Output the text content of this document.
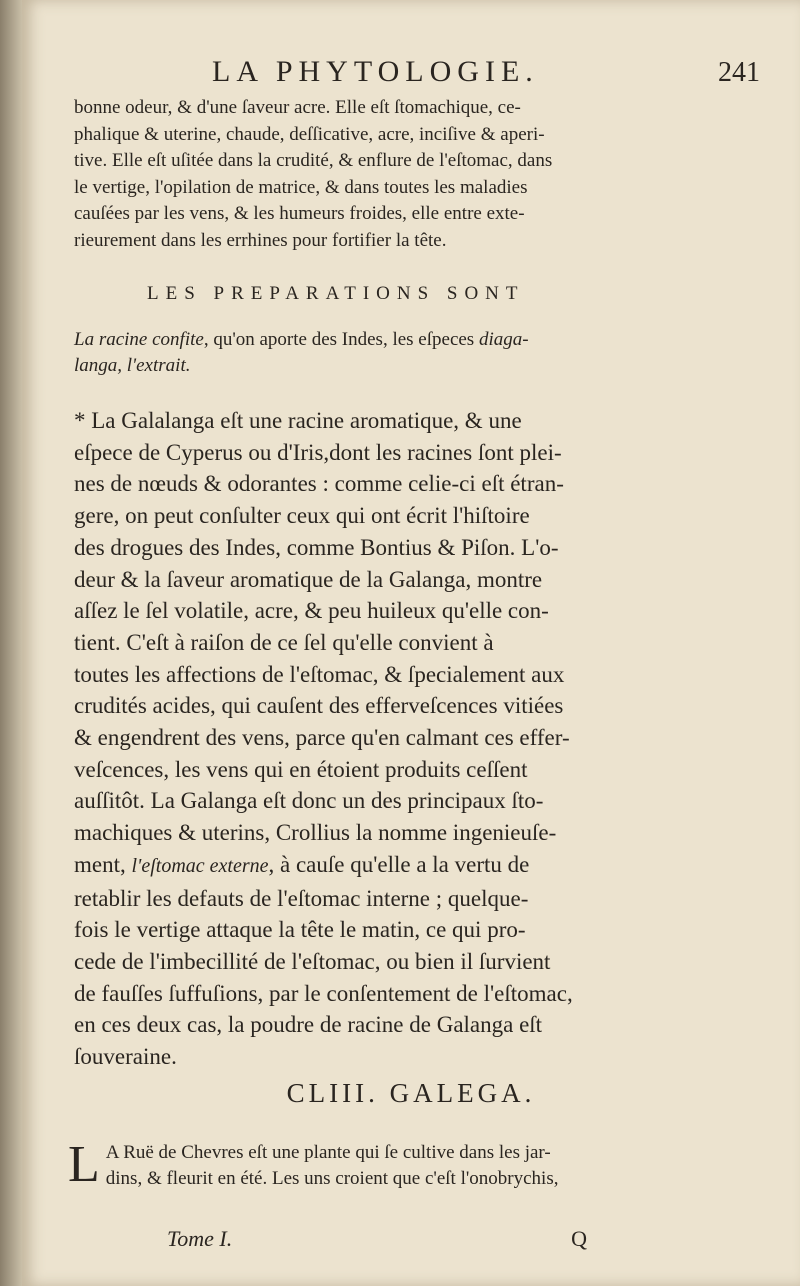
LA PHYTOLOGIE.	241
bonne odeur, & d'une ſaveur acre. Elle eſt ſtomachique, ce-
phalique & uterine, chaude, deſſicative, acre, inciſive & aperi-
tive. Elle eſt uſitée dans la crudité, & enflure de l'eſtomac, dans
le vertige, l'opilation de matrice, & dans toutes les maladies
cauſées par les vens, & les humeurs froides, elle entre exte-
rieurement dans les errhines pour fortifier la tête.
LES PREPARATIONS SONT
La racine confite, qu'on aporte des Indes, les eſpeces diaga-
langa, l'extrait.
* La Galalanga eſt une racine aromatique, & une
eſpece de Cyperus ou d'Iris,dont les racines ſont plei-
nes de nœuds & odorantes : comme celie-ci eſt étran-
gere, on peut conſulter ceux qui ont écrit l'hiſtoire
des drogues des Indes, comme Bontius & Piſon. L'o-
deur & la ſaveur aromatique de la Galanga, montre
aſſez le ſel volatile, acre, & peu huileux qu'elle con-
tient. C'eſt à raiſon de ce ſel qu'elle convient à
toutes les affections de l'eſtomac, & ſpecialement aux
crudités acides, qui cauſent des efferveſcences vitiées
& engendrent des vens, parce qu'en calmant ces effer-
veſcences, les vens qui en étoient produits ceſſent
auſſitôt. La Galanga eſt donc un des principaux ſto-
machiques & uterins, Crollius la nomme ingenieuſe-
ment, l'eſtomac externe, à cauſe qu'elle a la vertu de
retablir les defauts de l'eſtomac interne ; quelque-
fois le vertige attaque la tête le matin, ce qui pro-
cede de l'imbecillité de l'eſtomac, ou bien il ſurvient
de fauſſes ſuffuſions, par le conſentement de l'eſtomac,
en ces deux cas, la poudre de racine de Galanga eſt
ſouveraine.
CLIII. GALEGA.
L A Ruë de Chevres eſt une plante qui ſe cultive dans les jar-
dins, & fleurit en été. Les uns croient que c'eſt l'onobrychis,
Tome I.	Q
